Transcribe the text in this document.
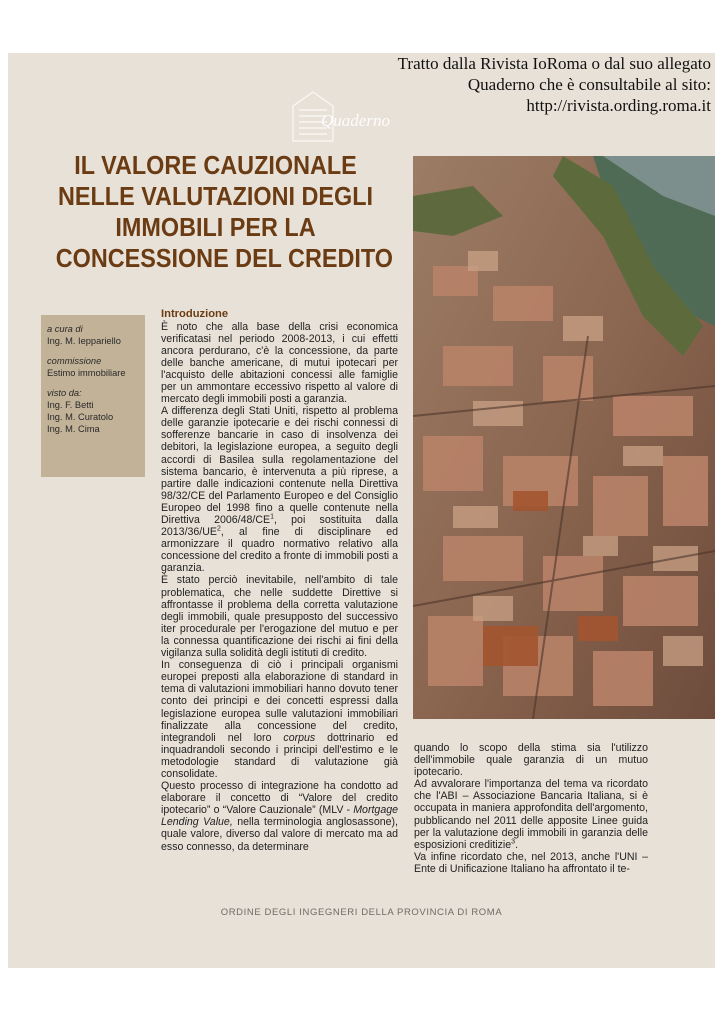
Tratto dalla Rivista IoRoma o dal suo allegato
Quaderno che è consultabile al sito:
http://rivista.ording.roma.it
Quaderno
IL VALORE CAUZIONALE
NELLE VALUTAZIONI DEGLI
IMMOBILI PER LA
CONCESSIONE DEL CREDITO
a cura di
Ing. M. Ieppariello
commissione
Estimo immobiliare
visto da:
Ing. F. Betti
Ing. M. Curatolo
Ing. M. Cima
Introduzione

È noto che alla base della crisi economica verificatasi nel periodo 2008-2013, i cui effetti ancora perdurano, c'è la concessione, da parte delle banche americane, di mutui ipotecari per l'acquisto delle abitazioni concessi alle famiglie per un ammontare eccessivo rispetto al valore di mercato degli immobili posti a garanzia.

A differenza degli Stati Uniti, rispetto al problema delle garanzie ipotecarie e dei rischi connessi di sofferenze bancarie in caso di insolvenza dei debitori, la legislazione europea, a seguito degli accordi di Basilea sulla regolamentazione del sistema bancario, è intervenuta a più riprese, a partire dalle indicazioni contenute nella Direttiva 98/32/CE del Parlamento Europeo e del Consiglio Europeo del 1998 fino a quelle contenute nella Direttiva $2006/48/CE^1$, poi sostituita dalla $2013/36/UE^2$, al fine di disciplinare ed armonizzare il quadro normativo relativo alla concessione del credito a fronte di immobili posti a garanzia.

È stato perciò inevitabile, nell'ambito di tale problematica, che nelle suddette Direttive si affrontasse il problema della corretta valutazione degli immobili, quale presupposto del successivo iter procedurale per l'erogazione del mutuo e per la connessa quantificazione dei rischi ai fini della vigilanza sulla solidità degli istituti di credito.

In conseguenza di ciò i principali organismi europei preposti alla elaborazione di standard in tema di valutazioni immobiliari hanno dovuto tener conto dei principi e dei concetti espressi dalla legislazione europea sulle valutazioni immobiliari finalizzate alla concessione del credito, integrandoli nel loro corpus dottrinario ed inquadrandoli secondo i principi dell'estimo e le metodologie standard di valutazione già consolidate.

Questo processo di integrazione ha condotto ad elaborare il concetto di “Valore del credito ipotecario” o “Valore Cauzionale” (MLV - Mortgage Lending Value, nella terminologia anglosassone), quale valore, diverso dal valore di mercato ma ad esso connesso, da determinare

quando lo scopo della stima sia l'utilizzo dell'immobile quale garanzia di un mutuo ipotecario.

Ad avvalorare l'importanza del tema va ricordato che l'ABI – Associazione Bancaria Italiana, si è occupata in maniera approfondita dell'argomento, pubblicando nel 2011 delle apposite Linee guida per la valutazione degli immobili in garanzia delle esposizioni creditizie$^3$.

Va infine ricordato che, nel 2013, anche l'UNI – Ente di Unificazione Italiano ha affrontato il te-

ORDINE DEGLI INGEGNERI DELLA PROVINCIA DI ROMA
